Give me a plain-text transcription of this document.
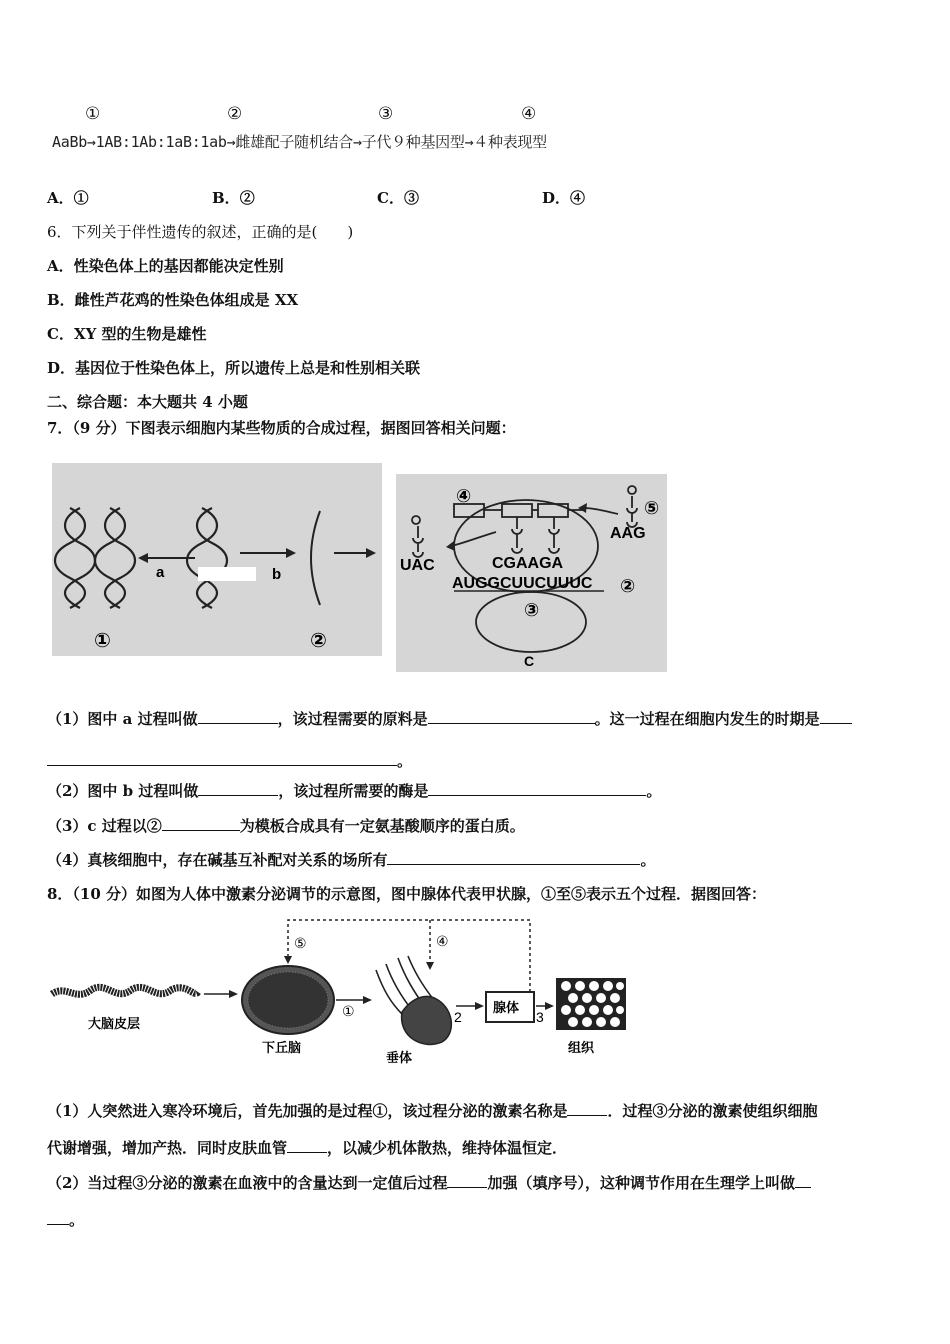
①	②	③	④
AaBb→1AB:1Ab:1aB:1ab→雌雄配子随机结合→子代９种基因型→４种表现型
A．①	B．②	C．③	D．④
6．下列关于伴性遗传的叙述，正确的是(　　)
A．性染色体上的基因都能决定性别
B．雌性芦花鸡的性染色体组成是 XX
C．XY 型的生物是雄性
D．基因位于性染色体上，所以遗传上总是和性别相关联
二、综合题：本大题共 4 小题
7．（9 分）下图表示细胞内某些物质的合成过程，据图回答相关问题：
a	b
①	②
④
⑤
UAC
AAG
CGAAGA
AUGGCUUCUUUC ②
③
C
（1）图中 a 过程叫做	，该过程需要的原料是	。这一过程在细胞内发生的时期是
。
（2）图中 b 过程叫做	，该过程所需要的酶是	。
（3）c 过程以②	为模板合成具有一定氨基酸顺序的蛋白质。
（4）真核细胞中，存在碱基互补配对关系的场所有	。
8．（10 分）如图为人体中激素分泌调节的示意图，图中腺体代表甲状腺，①至⑤表示五个过程．据图回答：
大脑皮层
下丘脑
垂体
腺体
组织
①	2	3
④
⑤
（1）人突然进入寒冷环境后，首先加强的是过程①，该过程分泌的激素名称是	．过程③分泌的激素使组织细胞
代谢增强，增加产热．同时皮肤血管	，以减少机体散热，维持体温恒定．
（2）当过程③分泌的激素在血液中的含量达到一定值后过程	加强（填序号），这种调节作用在生理学上叫做
。
